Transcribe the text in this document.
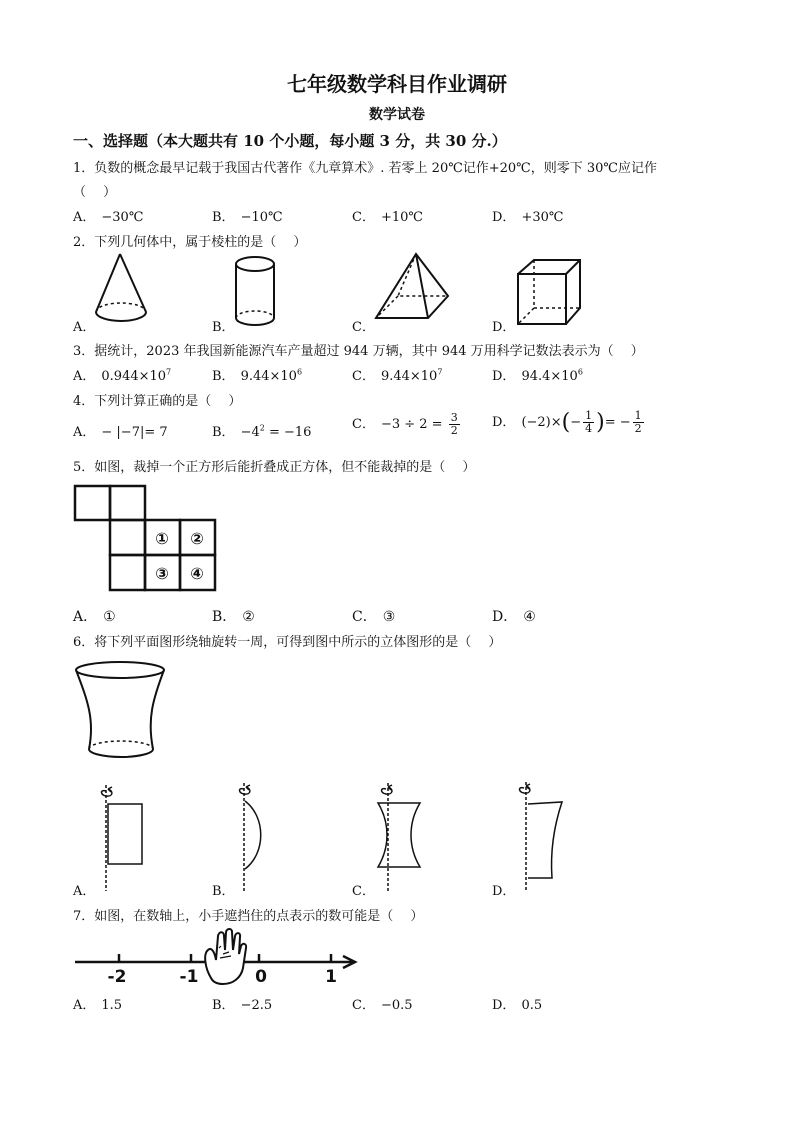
七年级数学科目作业调研
数学试卷
一、选择题（本大题共有 10 个小题，每小题 3 分，共 30 分.）
1．负数的概念最早记载于我国古代著作《九章算术》. 若零上 20℃记作+20℃，则零下 30℃应记作
（　 ）
A． −30℃	B． −10℃	C． +10℃	D． +30℃
2．下列几何体中，属于棱柱的是（　 ）
A．	B．	C．	D．
3．据统计，2023 年我国新能源汽车产量超过 944 万辆，其中 944 万用科学记数法表示为（　 ）
A． $0.944\times 10^7$	B． $9.44\times 10^6$	C． $9.44\times 10^7$	D． $94.4\times 10^6$
4．下列计算正确的是（　 ）
A． − |−7|= 7	B． $-4^2 = -16$
C． $-3 \div 2 = \frac{3}{2}$ D． $(-2)\times(- \frac{1}{4}$ )= − $\frac{1}{2}$
5．如图，裁掉一个正方形后能折叠成正方体，但不能裁掉的是（　 ）
① ②
③ ④
A． ①	B． ②	C． ③	D． ④
6．将下列平面图形绕轴旋转一周，可得到图中所示的立体图形的是（　 ）
A．	B．	C．	D．
7．如图，在数轴上，小手遮挡住的点表示的数可能是（　 ）
-2	-1	0	1
A． 1.5	B． −2.5	C． −0.5	D． 0.5
